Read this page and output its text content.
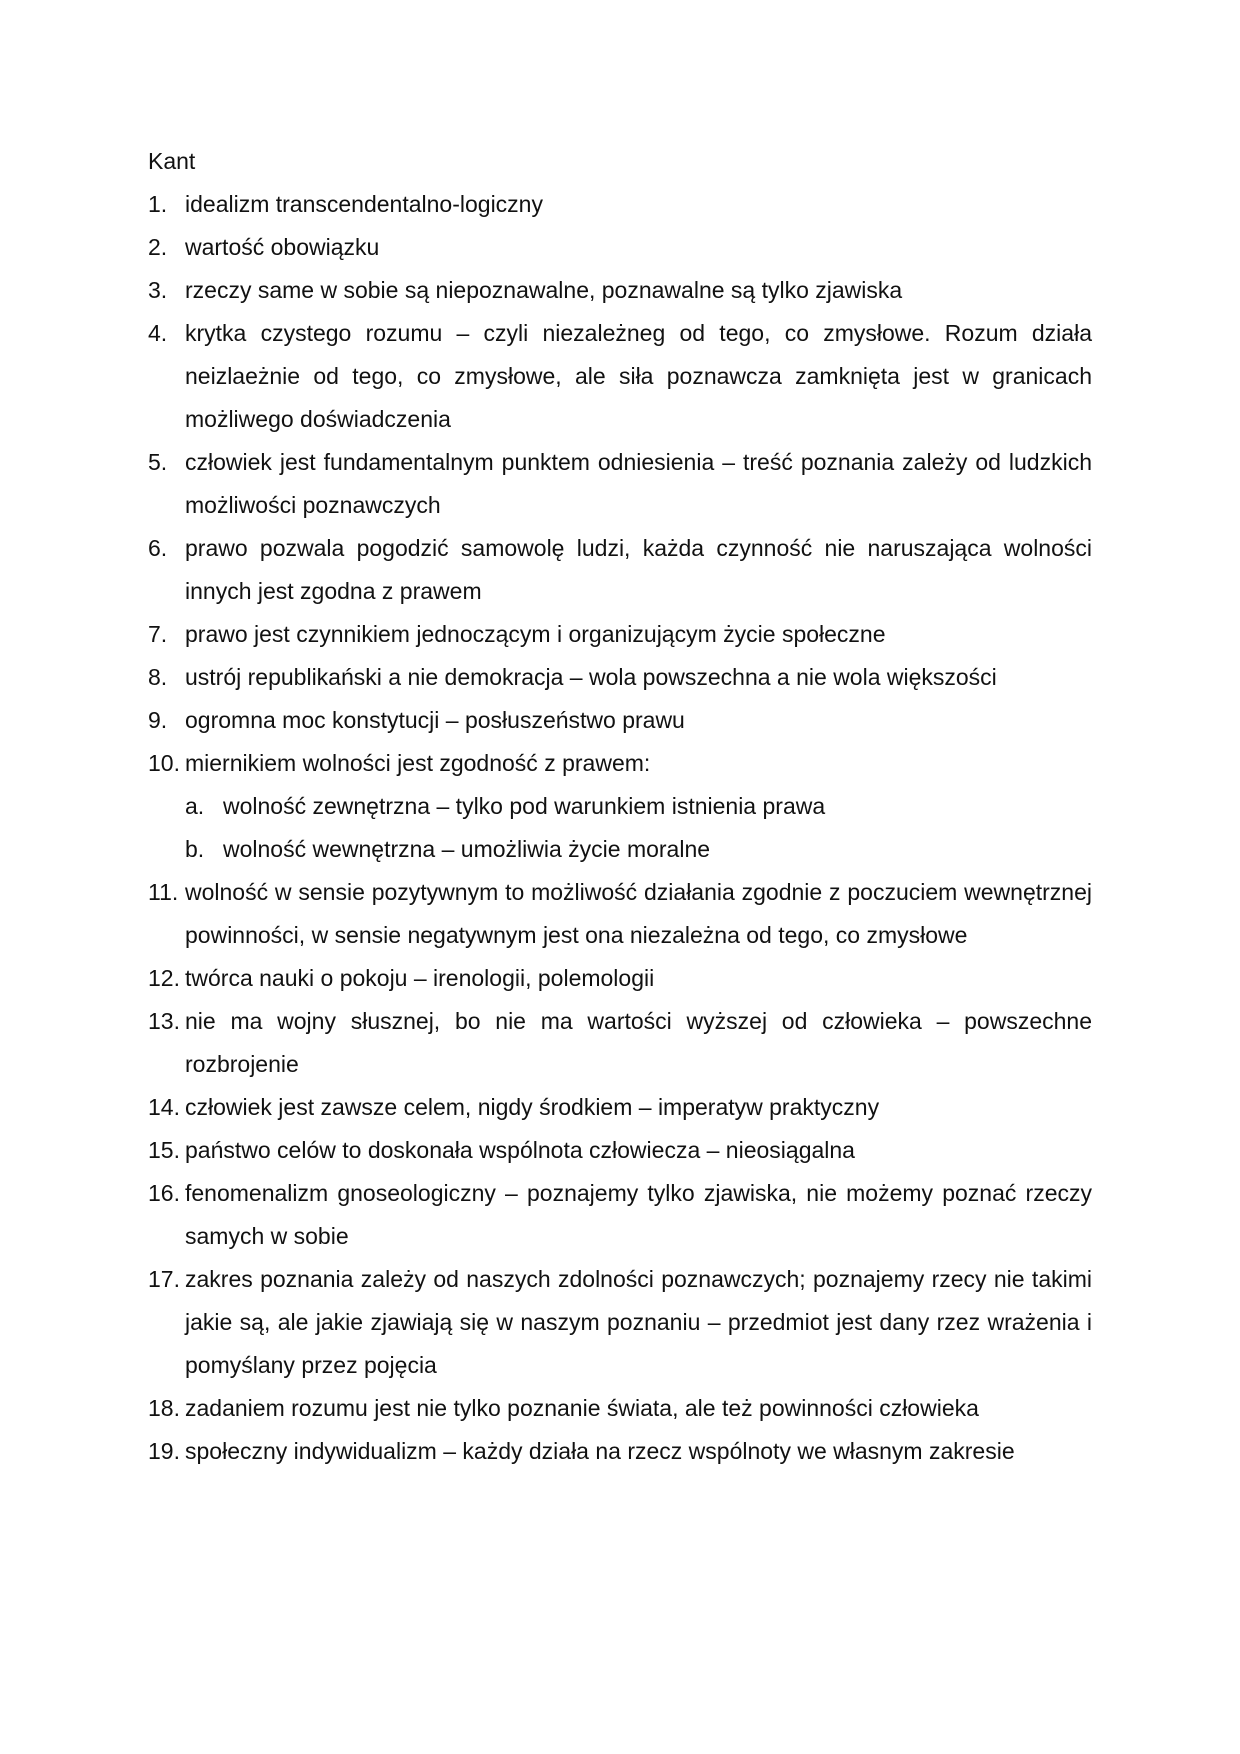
Kant
1. idealizm transcendentalno-logiczny
2. wartość obowiązku
3. rzeczy same w sobie są niepoznawalne, poznawalne są tylko zjawiska
4. krytka czystego rozumu – czyli niezależneg od tego, co zmysłowe. Rozum działa neizlaeżnie od tego, co zmysłowe, ale siła poznawcza zamknięta jest w granicach możliwego doświadczenia
5. człowiek jest fundamentalnym punktem odniesienia – treść poznania zależy od ludzkich możliwości poznawczych
6. prawo pozwala pogodzić samowolę ludzi, każda czynność nie naruszająca wolności innych jest zgodna z prawem
7. prawo jest czynnikiem jednoczącym i organizującym życie społeczne
8. ustrój republikański a nie demokracja – wola powszechna a nie wola większości
9. ogromna moc konstytucji – posłuszeństwo prawu
10. miernikiem wolności jest zgodność z prawem:
a. wolność zewnętrzna – tylko pod warunkiem istnienia prawa
b. wolność wewnętrzna – umożliwia życie moralne
11. wolność w sensie pozytywnym to możliwość działania zgodnie z poczuciem wewnętrznej powinności, w sensie negatywnym jest ona niezależna od tego, co zmysłowe
12. twórca nauki o pokoju – irenologii, polemologii
13. nie ma wojny słusznej, bo nie ma wartości wyższej od człowieka – powszechne rozbrojenie
14. człowiek jest zawsze celem, nigdy środkiem – imperatyw praktyczny
15. państwo celów to doskonała wspólnota człowiecza – nieosiągalna
16. fenomenalizm gnoseologiczny – poznajemy tylko zjawiska, nie możemy poznać rzeczy samych w sobie
17. zakres poznania zależy od naszych zdolności poznawczych; poznajemy rzecy nie takimi jakie są, ale jakie zjawiają się w naszym poznaniu – przedmiot jest dany rzez wrażenia i pomyślany przez pojęcia
18. zadaniem rozumu jest nie tylko poznanie świata, ale też powinności człowieka
19. społeczny indywidualizm – każdy działa na rzecz wspólnoty we własnym zakresie
